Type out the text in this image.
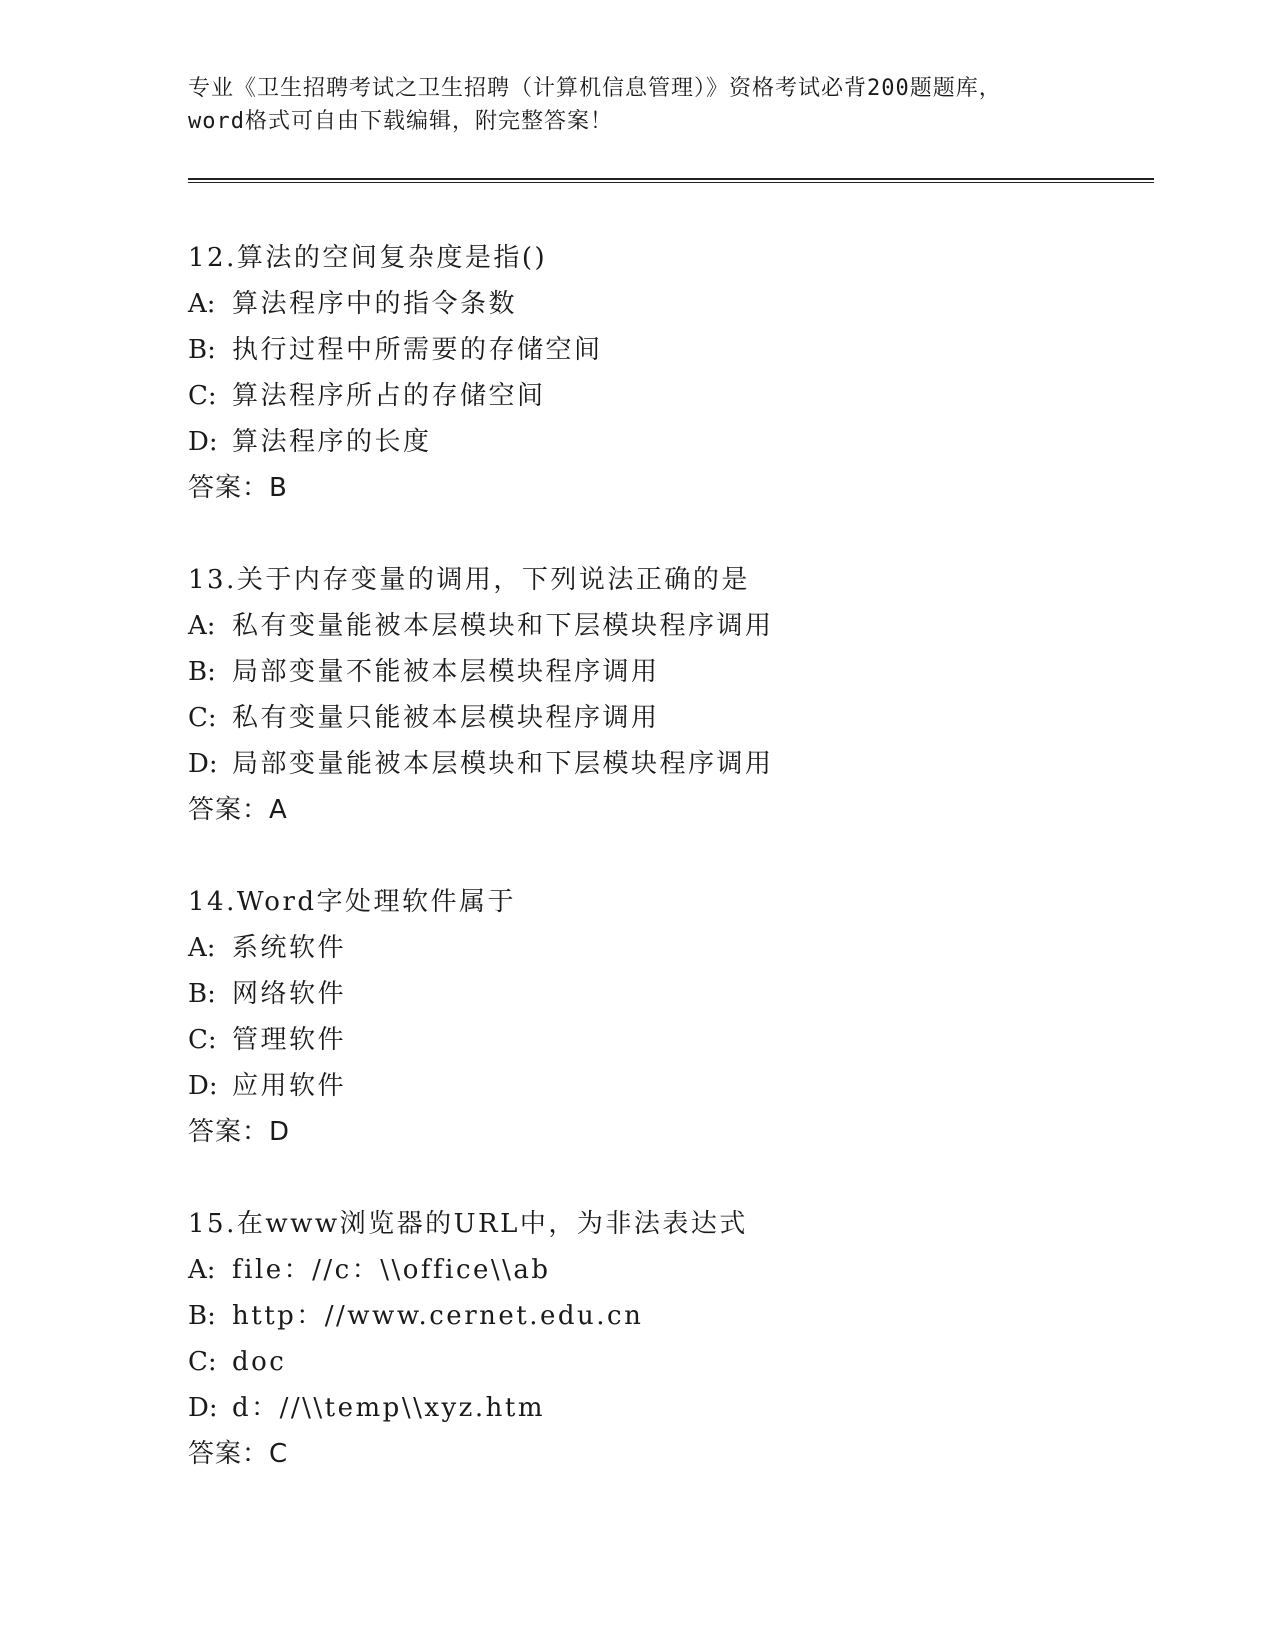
专业《卫生招聘考试之卫生招聘（计算机信息管理）》资格考试必背200题题库，
word格式可自由下载编辑，附完整答案！
12.算法的空间复杂度是指()
A: 算法程序中的指令条数
B: 执行过程中所需要的存储空间
C: 算法程序所占的存储空间
D: 算法程序的长度
答案：B
13.关于内存变量的调用，下列说法正确的是
A: 私有变量能被本层模块和下层模块程序调用
B: 局部变量不能被本层模块程序调用
C: 私有变量只能被本层模块程序调用
D: 局部变量能被本层模块和下层模块程序调用
答案：A
14.Word字处理软件属于
A: 系统软件
B: 网络软件
C: 管理软件
D: 应用软件
答案：D
15.在www浏览器的URL中，为非法表达式
A: file：//c：\\office\\ab
B: http：//www.cernet.edu.cn
C: doc
D: d：//\\temp\\xyz.htm
答案：C
